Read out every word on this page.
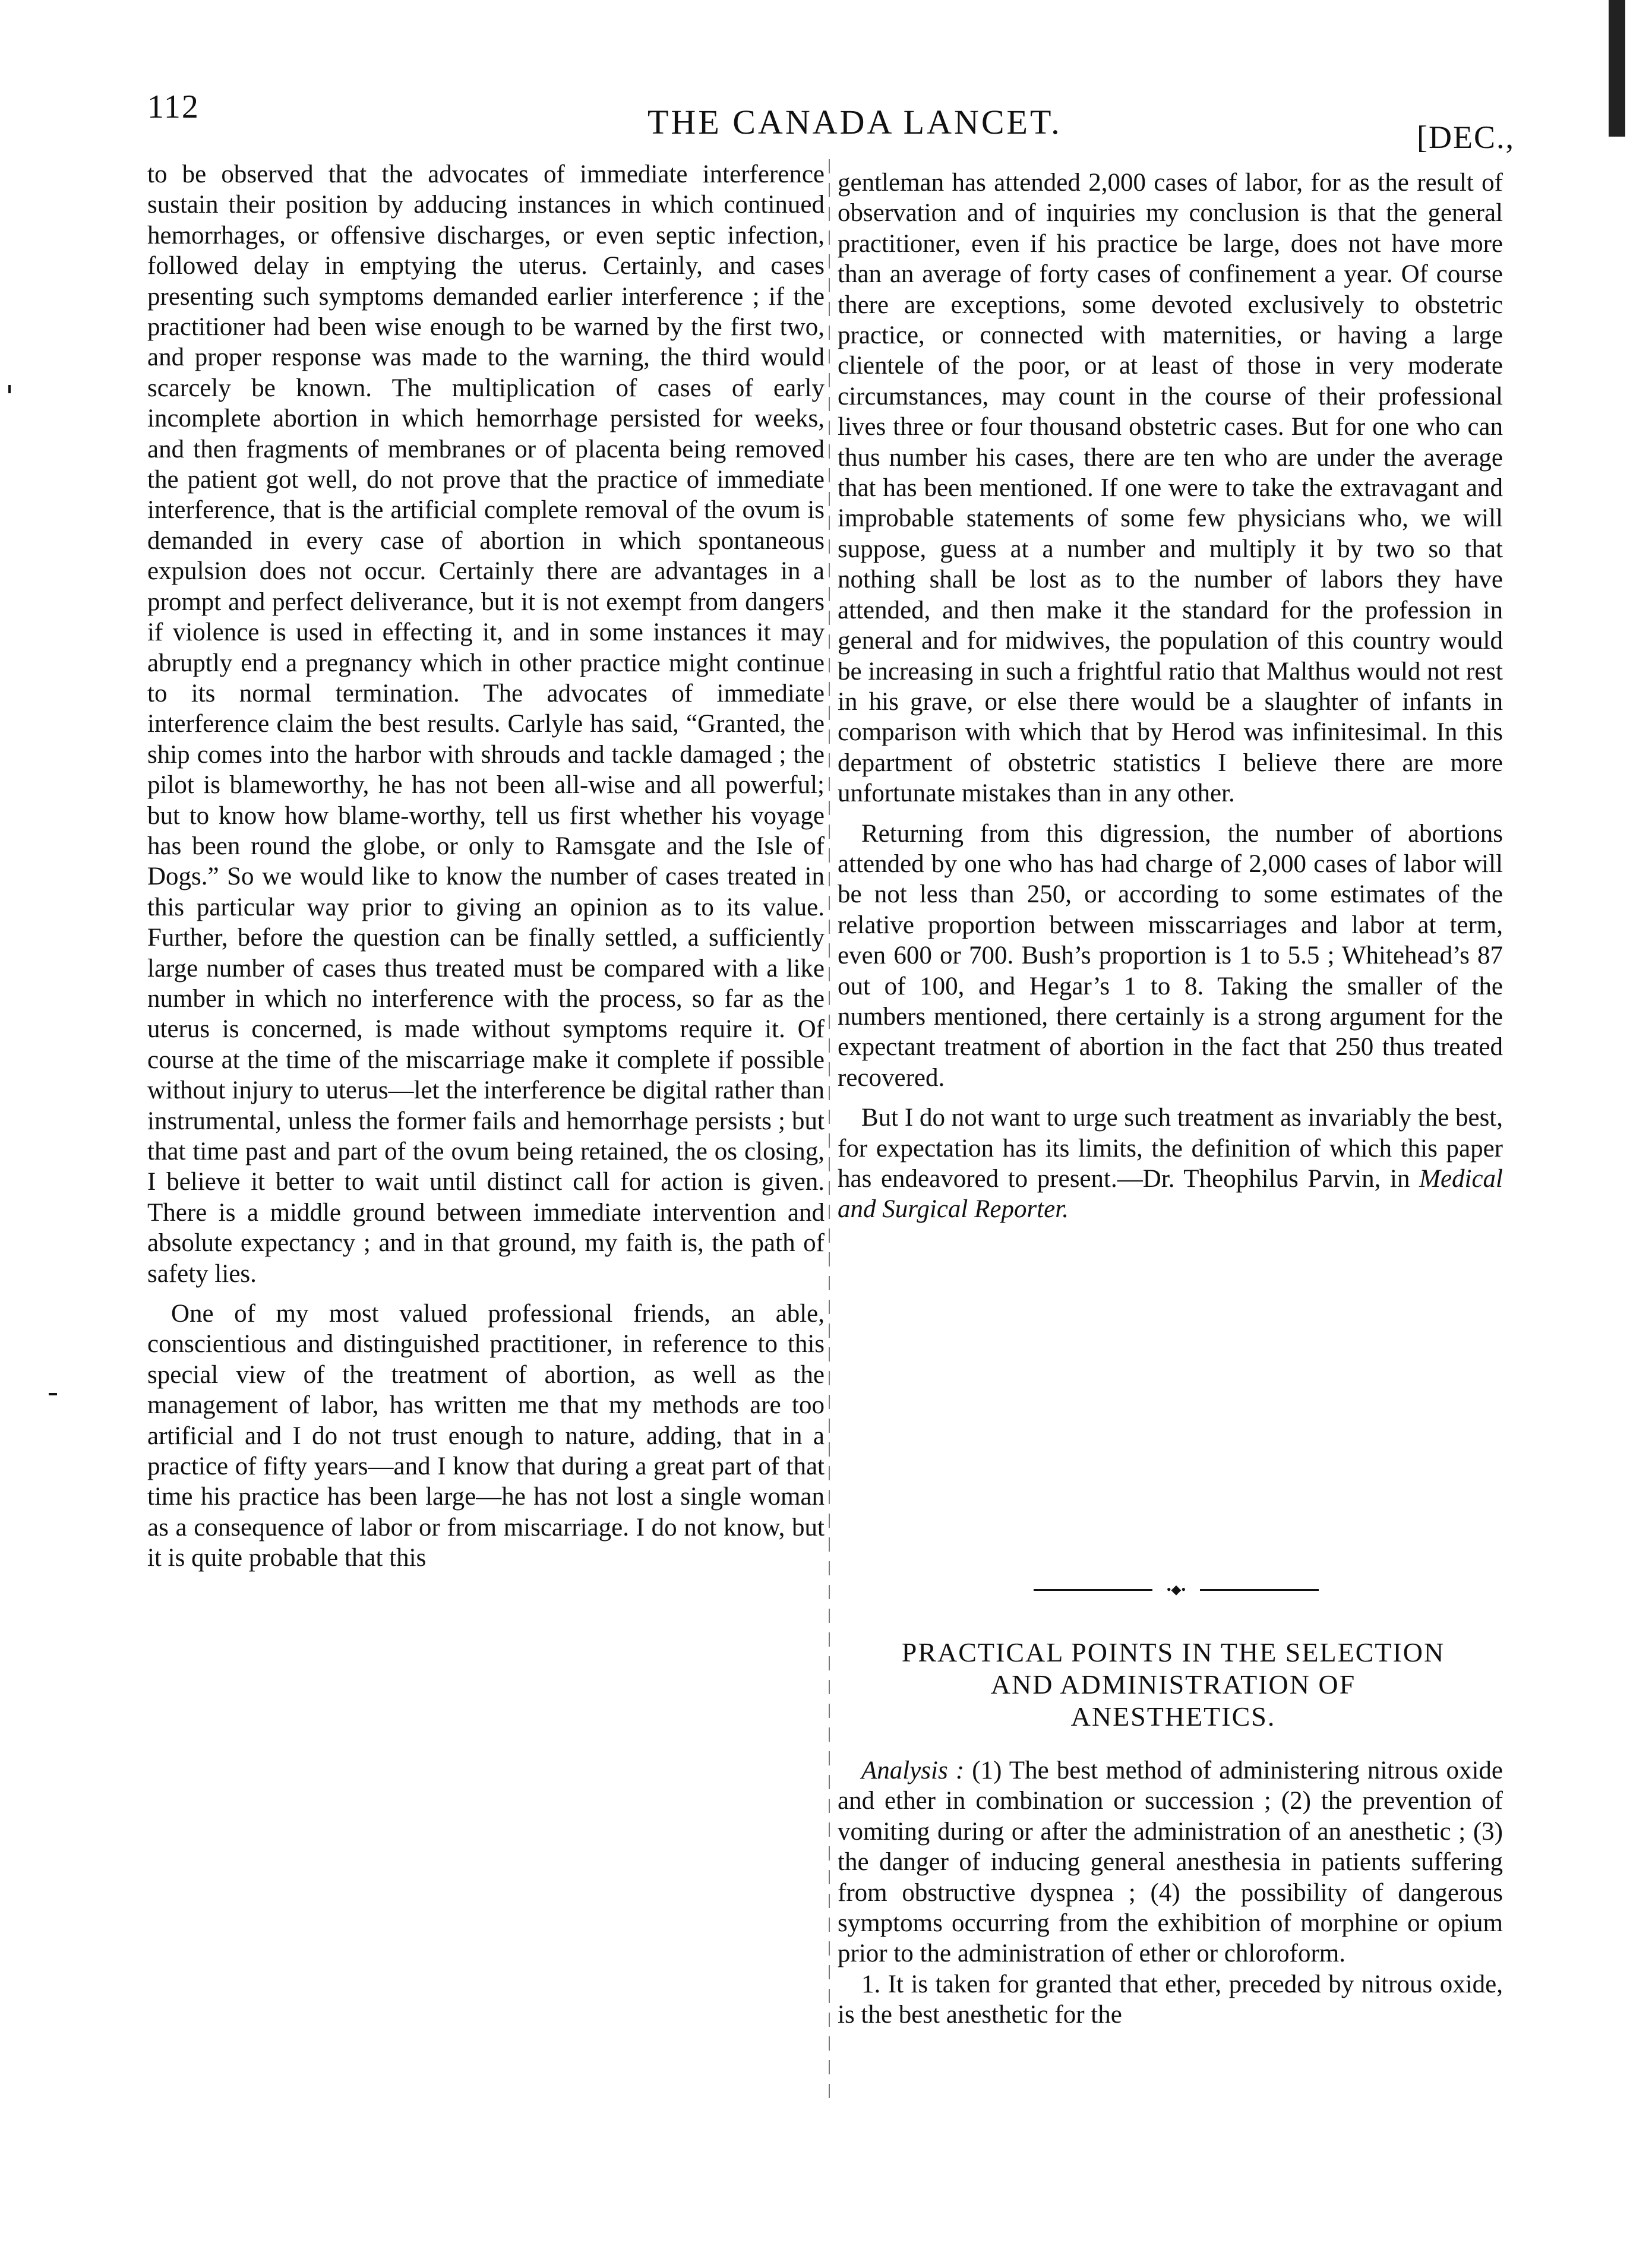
112	THE CANADA LANCET.	[DEC.,

to be observed that the advocates of immediate interference sustain their position by adducing instances in which continued hemorrhages, or offensive discharges, or even septic infection, followed delay in emptying the uterus. Certainly, and cases presenting such symptoms demanded earlier interference ; if the practitioner had been wise enough to be warned by the first two, and proper response was made to the warning, the third would scarcely be known. The multiplication of cases of early incomplete abortion in which hemorrhage persisted for weeks, and then fragments of membranes or of placenta being removed the patient got well, do not prove that the practice of immediate interference, that is the artificial complete removal of the ovum is demanded in every case of abortion in which spontaneous expulsion does not occur. Certainly there are advantages in a prompt and perfect deliverance, but it is not exempt from dangers if violence is used in effecting it, and in some instances it may abruptly end a pregnancy which in other practice might continue to its normal termination. The advocates of immediate interference claim the best results. Carlyle has said, “Granted, the ship comes into the harbor with shrouds and tackle damaged ; the pilot is blameworthy, he has not been all-wise and all powerful; but to know how blame-worthy, tell us first whether his voyage has been round the globe, or only to Ramsgate and the Isle of Dogs.” So we would like to know the number of cases treated in this particular way prior to giving an opinion as to its value. Further, before the question can be finally settled, a sufficiently large number of cases thus treated must be compared with a like number in which no interference with the process, so far as the uterus is concerned, is made without symptoms require it. Of course at the time of the miscarriage make it complete if possible without injury to uterus—let the interference be digital rather than instrumental, unless the former fails and hemorrhage persists ; but that time past and part of the ovum being retained, the os closing, I believe it better to wait until distinct call for action is given. There is a middle ground between immediate intervention and absolute expectancy ; and in that ground, my faith is, the path of safety lies.

One of my most valued professional friends, an able, conscientious and distinguished practitioner, in reference to this special view of the treatment of abortion, as well as the management of labor, has written me that my methods are too artificial and I do not trust enough to nature, adding, that in a practice of fifty years—and I know that during a great part of that time his practice has been large—he has not lost a single woman as a consequence of labor or from miscarriage. I do not know, but it is quite probable that this

gentleman has attended 2,000 cases of labor, for as the result of observation and of inquiries my conclusion is that the general practitioner, even if his practice be large, does not have more than an average of forty cases of confinement a year. Of course there are exceptions, some devoted exclusively to obstetric practice, or connected with maternities, or having a large clientele of the poor, or at least of those in very moderate circumstances, may count in the course of their professional lives three or four thousand obstetric cases. But for one who can thus number his cases, there are ten who are under the average that has been mentioned. If one were to take the extravagant and improbable statements of some few physicians who, we will suppose, guess at a number and multiply it by two so that nothing shall be lost as to the number of labors they have attended, and then make it the standard for the profession in general and for midwives, the population of this country would be increasing in such a frightful ratio that Malthus would not rest in his grave, or else there would be a slaughter of infants in comparison with which that by Herod was infinitesimal. In this department of obstetric statistics I believe there are more unfortunate mistakes than in any other.

Returning from this digression, the number of abortions attended by one who has had charge of 2,000 cases of labor will be not less than 250, or according to some estimates of the relative proportion between misscarriages and labor at term, even 600 or 700. Bush’s proportion is 1 to 5.5 ; Whitehead’s 87 out of 100, and Hegar’s 1 to 8. Taking the smaller of the numbers mentioned, there certainly is a strong argument for the expectant treatment of abortion in the fact that 250 thus treated recovered.

But I do not want to urge such treatment as invariably the best, for expectation has its limits, the definition of which this paper has endeavored to present.—Dr. Theophilus Parvin, in Medical and Surgical Reporter.

•◆•
PRACTICAL POINTS IN THE SELECTION
AND ADMINISTRATION OF
ANESTHETICS.

Analysis : (1) The best method of administering nitrous oxide and ether in combination or succession ; (2) the prevention of vomiting during or after the administration of an anesthetic ; (3) the danger of inducing general anesthesia in patients suffering from obstructive dyspnea ; (4) the possibility of dangerous symptoms occurring from the exhibition of morphine or opium prior to the administration of ether or chloroform.

1. It is taken for granted that ether, preceded by nitrous oxide, is the best anesthetic for the
